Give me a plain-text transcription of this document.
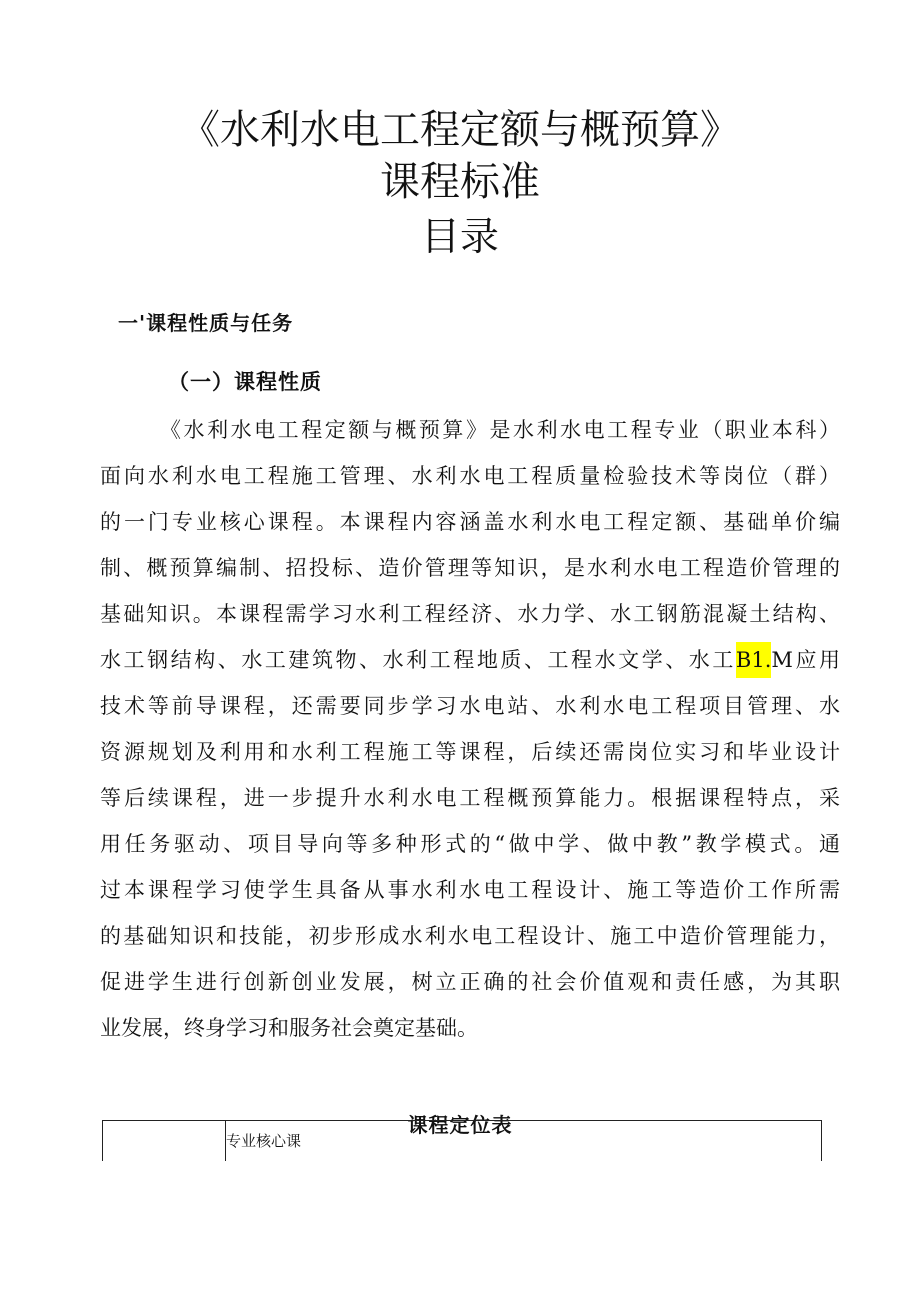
《水利水电工程定额与概预算》
课程标准
目录
一'课程性质与任务
（一）课程性质
《水利水电工程定额与概预算》是水利水电工程专业（职业本科）
面向水利水电工程施工管理、水利水电工程质量检验技术等岗位（群）
的一门专业核心课程。本课程内容涵盖水利水电工程定额、基础单价编
制、概预算编制、招投标、造价管理等知识，是水利水电工程造价管理的
基础知识。本课程需学习水利工程经济、水力学、水工钢筋混凝土结构、
水工钢结构、水工建筑物、水利工程地质、工程水文学、水工B1.M应用
技术等前导课程，还需要同步学习水电站、水利水电工程项目管理、水
资源规划及利用和水利工程施工等课程，后续还需岗位实习和毕业设计
等后续课程，进一步提升水利水电工程概预算能力。根据课程特点，采
用任务驱动、项目导向等多种形式的“做中学、做中教”教学模式。通
过本课程学习使学生具备从事水利水电工程设计、施工等造价工作所需
的基础知识和技能，初步形成水利水电工程设计、施工中造价管理能力，
促进学生进行创新创业发展，树立正确的社会价值观和责任感，为其职
业发展，终身学习和服务社会奠定基础。
课程定位表
专业核心课
